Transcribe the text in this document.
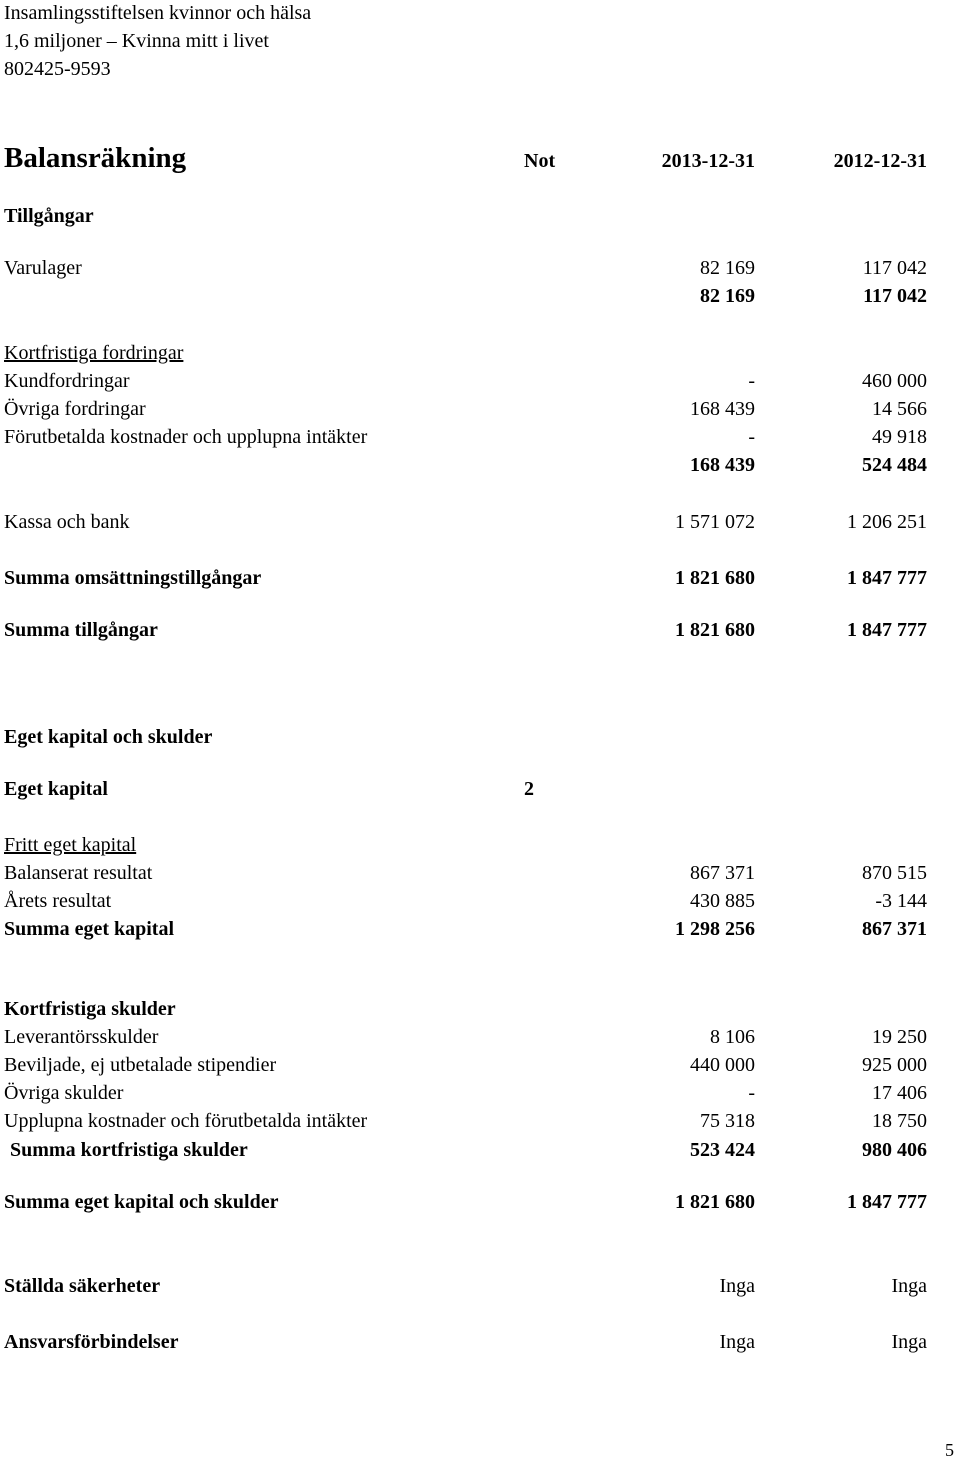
Insamlingsstiftelsen kvinnor och hälsa
1,6 miljoner – Kvinna mitt i livet
802425-9593
Balansräkning	Not	2013-12-31	2012-12-31
Tillgångar
Varulager	82 169	117 042
82 169	117 042
Kortfristiga fordringar
Kundfordringar	-	460 000
Övriga fordringar	168 439	14 566
Förutbetalda kostnader och upplupna intäkter	-	49 918
168 439	524 484
Kassa och bank	1 571 072	1 206 251
Summa omsättningstillgångar	1 821 680	1 847 777
Summa tillgångar	1 821 680	1 847 777
Eget kapital och skulder
Eget kapital	2
Fritt eget kapital
Balanserat resultat	867 371	870 515
Årets resultat	430 885	-3 144
Summa eget kapital	1 298 256	867 371
Kortfristiga skulder
Leverantörsskulder	8 106	19 250
Beviljade, ej utbetalade stipendier	440 000	925 000
Övriga skulder	-	17 406
Upplupna kostnader och förutbetalda intäkter	75 318	18 750
Summa kortfristiga skulder	523 424	980 406
Summa eget kapital och skulder	1 821 680	1 847 777
Ställda säkerheter	Inga	Inga
Ansvarsförbindelser	Inga	Inga
5
